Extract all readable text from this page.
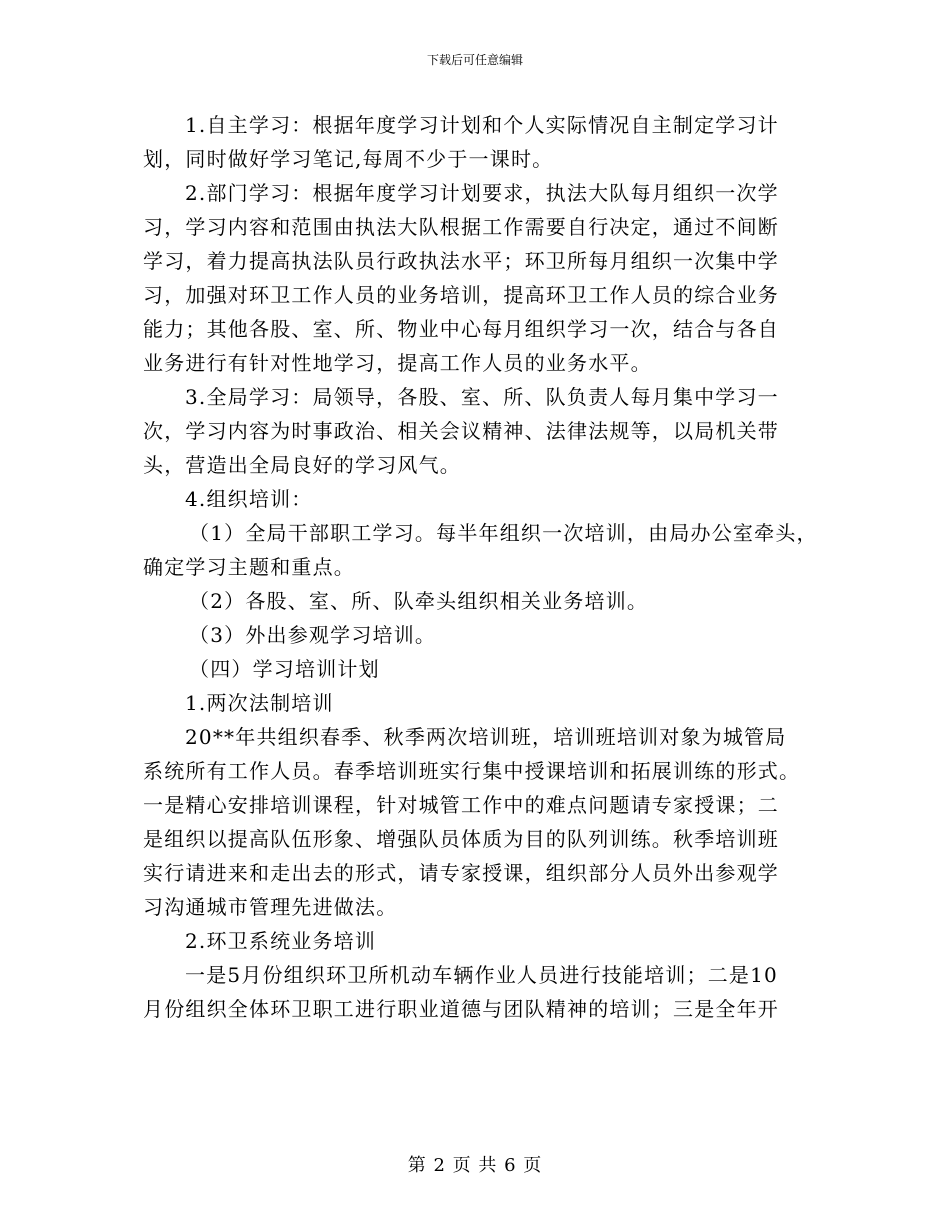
下载后可任意编辑

1.自主学习：根据年度学习计划和个人实际情况自主制定学习计

划，同时做好学习笔记,每周不少于一课时。

2.部门学习：根据年度学习计划要求，执法大队每月组织一次学

习，学习内容和范围由执法大队根据工作需要自行决定，通过不间断

学习，着力提高执法队员行政执法水平；环卫所每月组织一次集中学

习，加强对环卫工作人员的业务培训，提高环卫工作人员的综合业务

能力；其他各股、室、所、物业中心每月组织学习一次，结合与各自

业务进行有针对性地学习，提高工作人员的业务水平。

3.全局学习：局领导，各股、室、所、队负责人每月集中学习一

次，学习内容为时事政治、相关会议精神、法律法规等，以局机关带

头，营造出全局良好的学习风气。

4.组织培训：

（1）全局干部职工学习。每半年组织一次培训，由局办公室牵头，

确定学习主题和重点。

（2）各股、室、所、队牵头组织相关业务培训。

（3）外出参观学习培训。

（四）学习培训计划

1.两次法制培训

20**年共组织春季、秋季两次培训班，培训班培训对象为城管局

系统所有工作人员。春季培训班实行集中授课培训和拓展训练的形式。

一是精心安排培训课程，针对城管工作中的难点问题请专家授课；二

是组织以提高队伍形象、增强队员体质为目的队列训练。秋季培训班

实行请进来和走出去的形式，请专家授课，组织部分人员外出参观学

习沟通城市管理先进做法。

2.环卫系统业务培训

一是5月份组织环卫所机动车辆作业人员进行技能培训；二是10

月份组织全体环卫职工进行职业道德与团队精神的培训；三是全年开

第 2 页 共 6 页
